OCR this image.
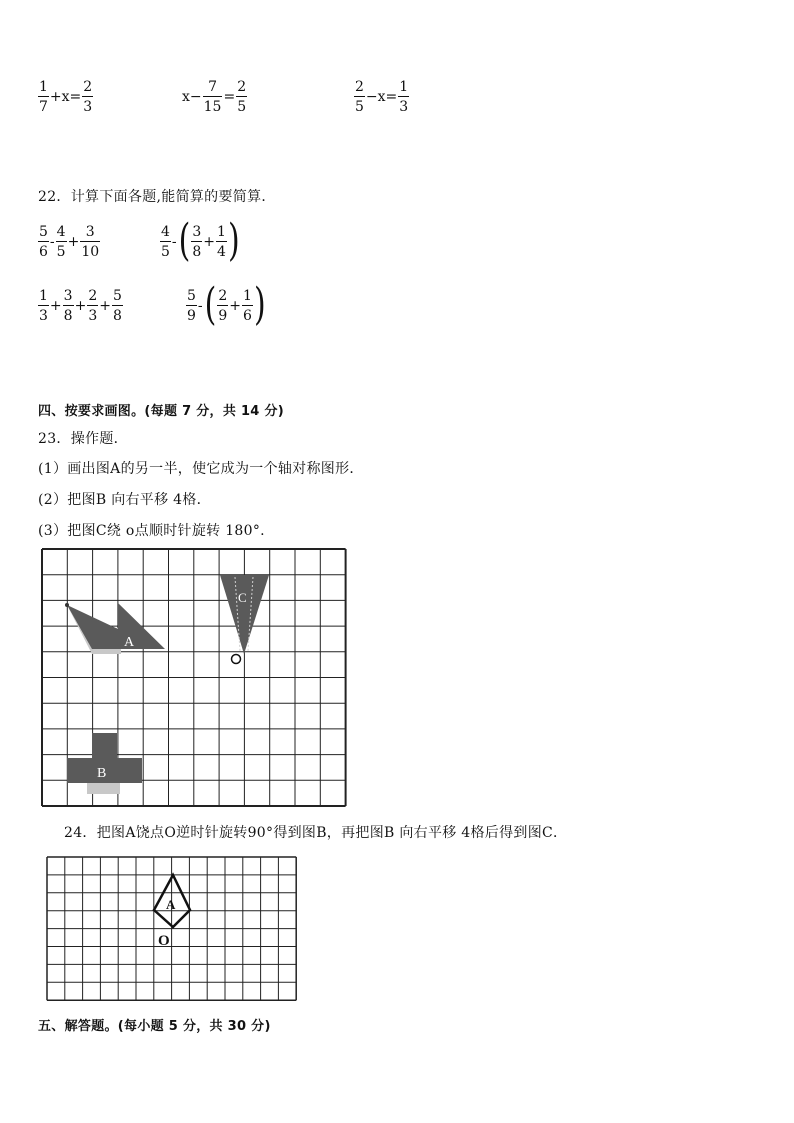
$\frac{1}{7} +x= \frac{2}{3}$	$x- \frac{7}{15} = \frac{2}{5}$	$\frac{2}{5} -x= \frac{1}{3}$
22．计算下面各题,能简算的要简算．
$\frac{5}{6} - \frac{4}{5} + \frac{3}{10}$	$\frac{4}{5}$ - ( $\frac{3}{8} + \frac{1}{4}$ )
$\frac{1}{3} + \frac{3}{8} + \frac{2}{3} + \frac{5}{8}$	$\frac{5}{9}$ - ( $\frac{2}{9} + \frac{1}{6}$ )
四、按要求画图。(每题 7 分，共 14 分)
23．操作题．
(1）画出图A的另一半，使它成为一个轴对称图形．
(2）把图B 向右平移 4格．
(3）把图C绕 o点顺时针旋转 180°.
A
C
B
24．把图A饶点O逆时针旋转90°得到图B，再把图B 向右平移 4格后得到图C．
A
O
五、解答题。(每小题 5 分，共 30 分)
